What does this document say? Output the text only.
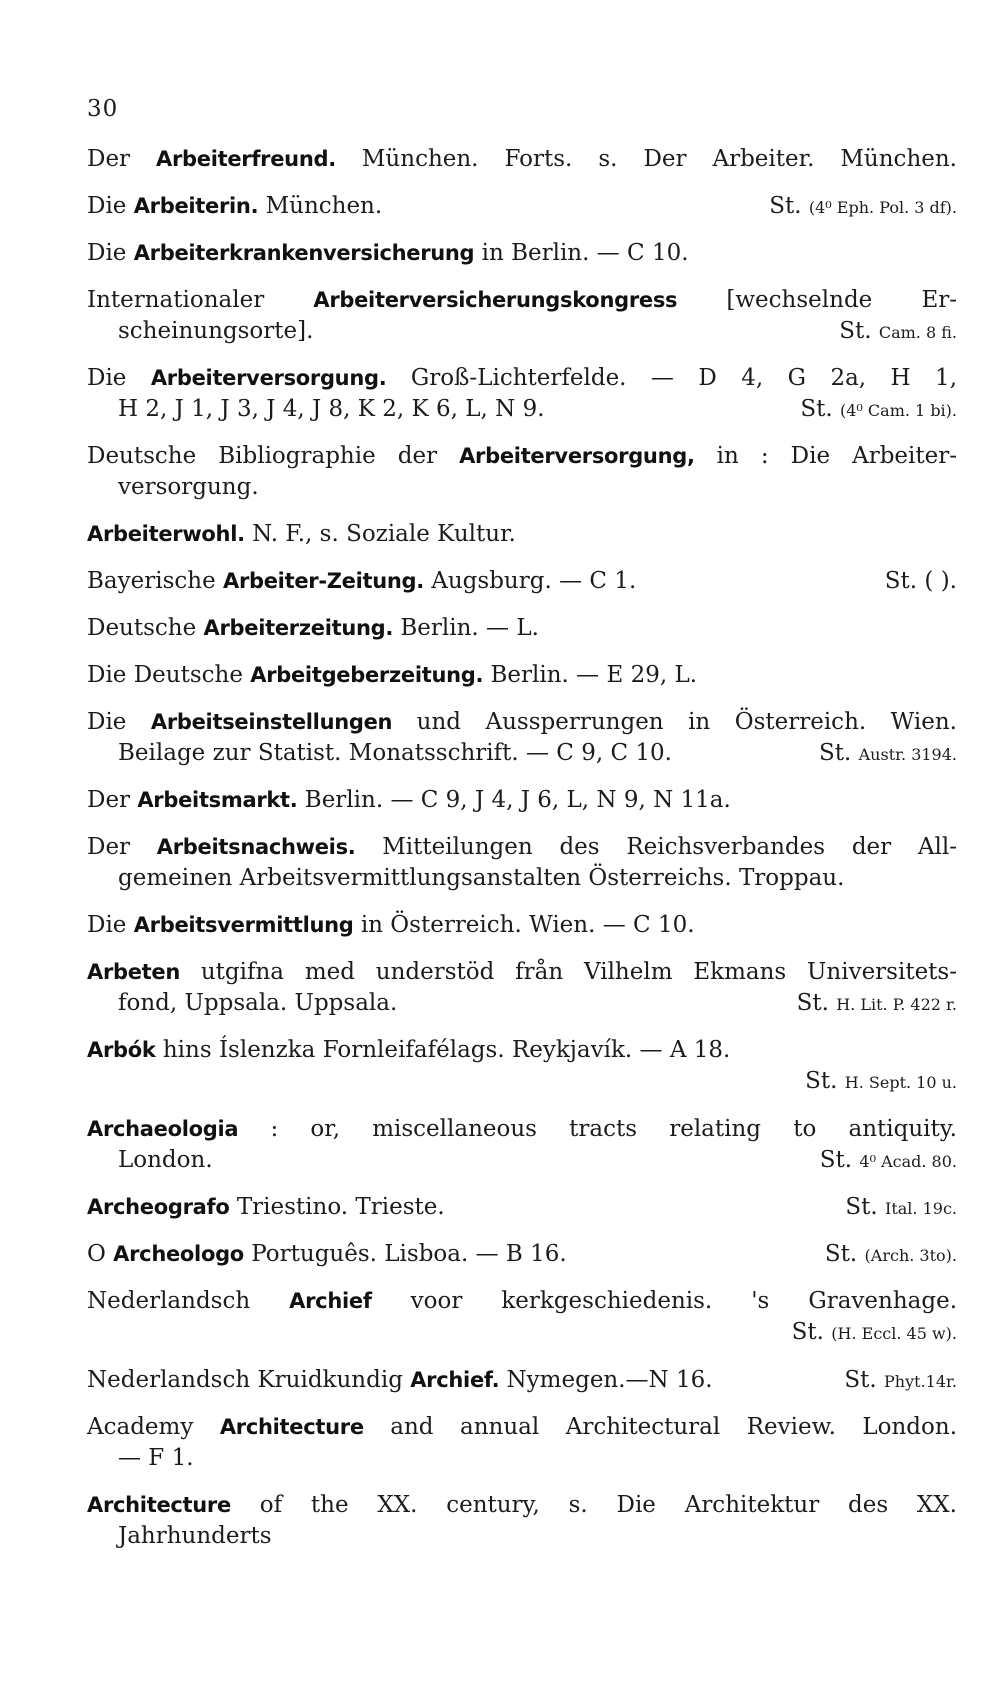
30
Der Arbeiterfreund. München. Forts. s. Der Arbeiter. München.
Die Arbeiterin. München.	St. (4⁰ Eph. Pol. 3 df).
Die Arbeiterkrankenversicherung in Berlin. — C 10.
Internationaler Arbeiterversicherungskongress [wechselnde Er-
scheinungsorte].	St. Cam. 8 fi.
Die Arbeiterversorgung. Groß-Lichterfelde. — D 4, G 2a, H 1,
H 2, J 1, J 3, J 4, J 8, K 2, K 6, L, N 9.	St. (4⁰ Cam. 1 bi).
Deutsche Bibliographie der Arbeiterversorgung, in : Die Arbeiter-
versorgung.
Arbeiterwohl. N. F., s. Soziale Kultur.
Bayerische Arbeiter-Zeitung. Augsburg. — C 1.	St. ( ).
Deutsche Arbeiterzeitung. Berlin. — L.
Die Deutsche Arbeitgeberzeitung. Berlin. — E 29, L.
Die Arbeitseinstellungen und Aussperrungen in Österreich. Wien.
Beilage zur Statist. Monatsschrift. — C 9, C 10.	St. Austr. 3194.
Der Arbeitsmarkt. Berlin. — C 9, J 4, J 6, L, N 9, N 11a.
Der Arbeitsnachweis. Mitteilungen des Reichsverbandes der All-
gemeinen Arbeitsvermittlungsanstalten Österreichs. Troppau.
Die Arbeitsvermittlung in Österreich. Wien. — C 10.
Arbeten utgifna med understöd från Vilhelm Ekmans Universitets-
fond, Uppsala. Uppsala.	St. H. Lit. P. 422 r.
Arbók hins Íslenzka Fornleifafélags. Reykjavík. — A 18.
St. H. Sept. 10 u.
Archaeologia : or, miscellaneous tracts relating to antiquity.
London.	St. 4⁰ Acad. 80.
Archeografo Triestino. Trieste.	St. Ital. 19c.
O Archeologo Português. Lisboa. — B 16.	St. (Arch. 3to).
Nederlandsch Archief voor kerkgeschiedenis. 's Gravenhage.
St. (H. Eccl. 45 w).
Nederlandsch Kruidkundig Archief. Nymegen.—N 16.	St. Phyt.14r.
Academy Architecture and annual Architectural Review. London.
— F 1.
Architecture of the XX. century, s. Die Architektur des XX.
Jahrhunderts
